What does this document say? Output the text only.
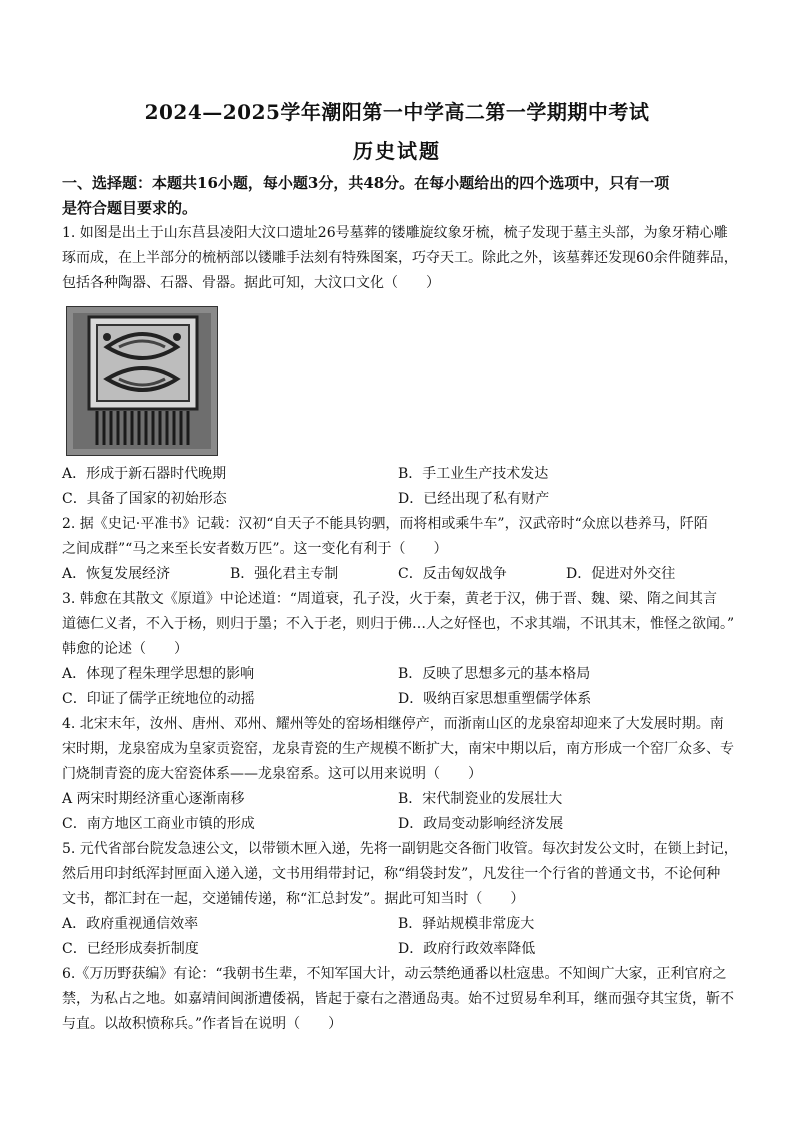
2024—2025学年潮阳第一中学高二第一学期期中考试
历史试题
一、选择题：本题共16小题，每小题3分，共48分。在每小题给出的四个选项中，只有一项
是符合题目要求的。
1. 如图是出土于山东莒县凌阳大汶口遗址26号墓葬的镂雕旋纹象牙梳，梳子发现于墓主头部，为象牙精心雕
琢而成，在上半部分的梳柄部以镂雕手法刻有特殊图案，巧夺天工。除此之外，该墓葬还发现60余件随葬品，
包括各种陶器、石器、骨器。据此可知，大汶口文化（　　）
A．形成于新石器时代晚期	B．手工业生产技术发达
C．具备了国家的初始形态	D．已经出现了私有财产
2. 据《史记·平准书》记载：汉初“自天子不能具钧驷，而将相或乘牛车”，汉武帝时“众庶以巷养马，阡陌
之间成群”“马之来至长安者数万匹”。这一变化有利于（　　）
A．恢复发展经济	B．强化君主专制	C．反击匈奴战争	D．促进对外交往
3. 韩愈在其散文《原道》中论述道：“周道衰，孔子没，火于秦，黄老于汉，佛于晋、魏、梁、隋之间其言
道德仁义者，不入于杨，则归于墨；不入于老，则归于佛…人之好怪也，不求其端，不讯其末，惟怪之欲闻。”
韩愈的论述（　　）
A．体现了程朱理学思想的影响	B．反映了思想多元的基本格局
C．印证了儒学正统地位的动摇	D．吸纳百家思想重塑儒学体系
4. 北宋末年，汝州、唐州、邓州、耀州等处的窑场相继停产，而浙南山区的龙泉窑却迎来了大发展时期。南
宋时期，龙泉窑成为皇家贡瓷窑，龙泉青瓷的生产规模不断扩大，南宋中期以后，南方形成一个窑厂众多、专
门烧制青瓷的庞大窑瓷体系——龙泉窑系。这可以用来说明（　　）
A 两宋时期经济重心逐渐南移	B．宋代制瓷业的发展壮大
C．南方地区工商业市镇的形成	D．政局变动影响经济发展
5. 元代省部台院发急速公文，以带锁木匣入递，先将一副钥匙交各衙门收管。每次封发公文时，在锁上封记，
然后用印封纸浑封匣面入递入递，文书用绢带封记，称“绢袋封发”，凡发往一个行省的普通文书，不论何种
文书，都汇封在一起，交递铺传递，称“汇总封发”。据此可知当时（　　）
A．政府重视通信效率	B．驿站规模非常庞大
C．已经形成奏折制度	D．政府行政效率降低
6.《万历野获编》有论：“我朝书生辈，不知军国大计，动云禁绝通番以杜寇患。不知闽广大家，正利官府之
禁，为私占之地。如嘉靖间闽浙遭倭祸，皆起于豪右之潜通岛夷。始不过贸易牟利耳，继而强夺其宝货，靳不
与直。以故积愤称兵。”作者旨在说明（　　）
